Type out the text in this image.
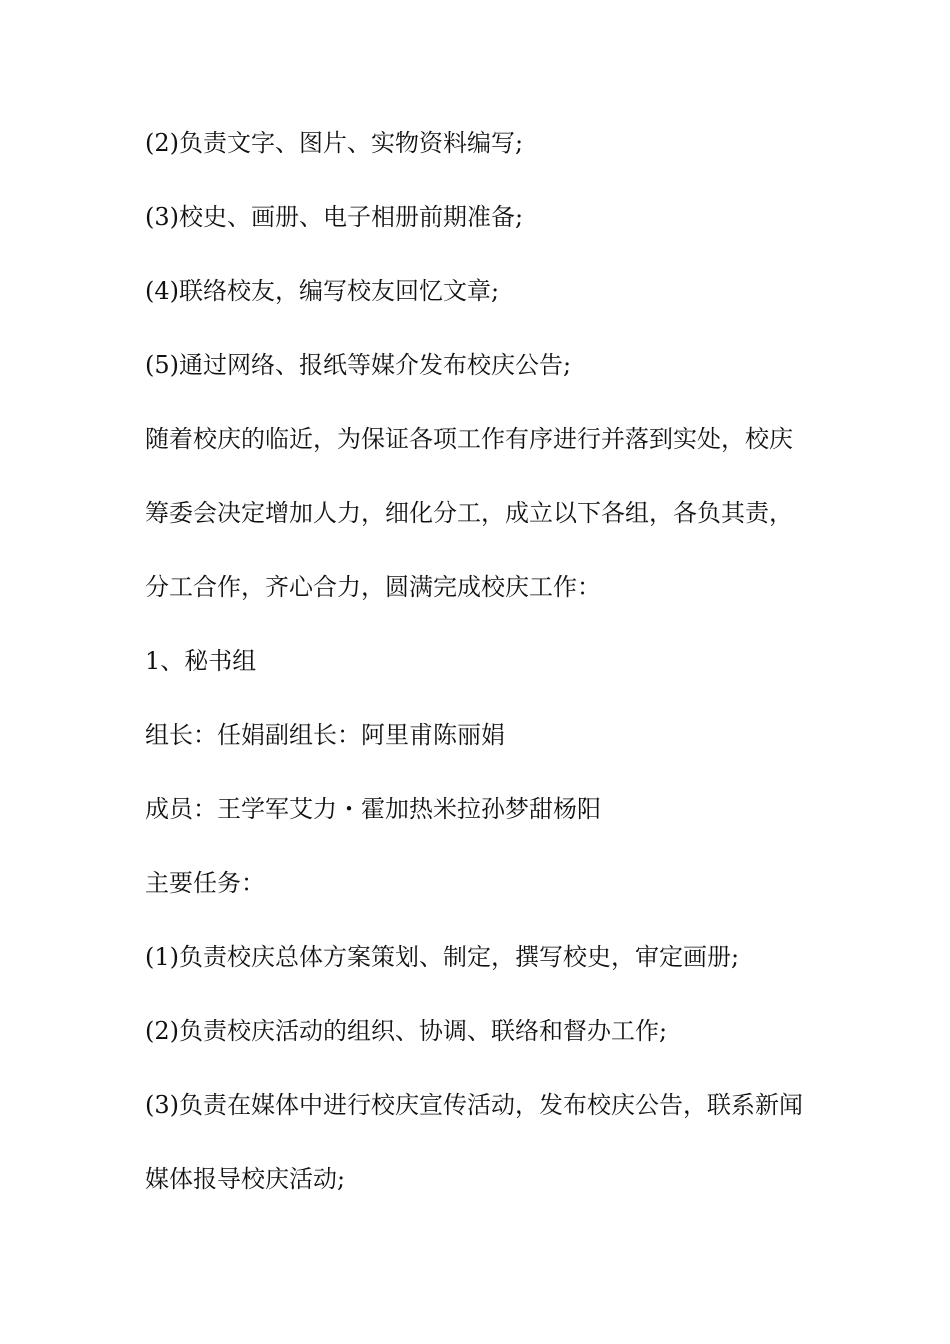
(2)负责文字、图片、实物资料编写;
(3)校史、画册、电子相册前期准备;
(4)联络校友，编写校友回忆文章;
(5)通过网络、报纸等媒介发布校庆公告;
随着校庆的临近，为保证各项工作有序进行并落到实处，校庆
筹委会决定增加人力，细化分工，成立以下各组，各负其责，
分工合作，齐心合力，圆满完成校庆工作：
1、秘书组
组长：任娟副组长：阿里甫陈丽娟
成员：王学军艾力・霍加热米拉孙梦甜杨阳
主要任务：
(1)负责校庆总体方案策划、制定，撰写校史，审定画册;
(2)负责校庆活动的组织、协调、联络和督办工作;
(3)负责在媒体中进行校庆宣传活动，发布校庆公告，联系新闻
媒体报导校庆活动;
